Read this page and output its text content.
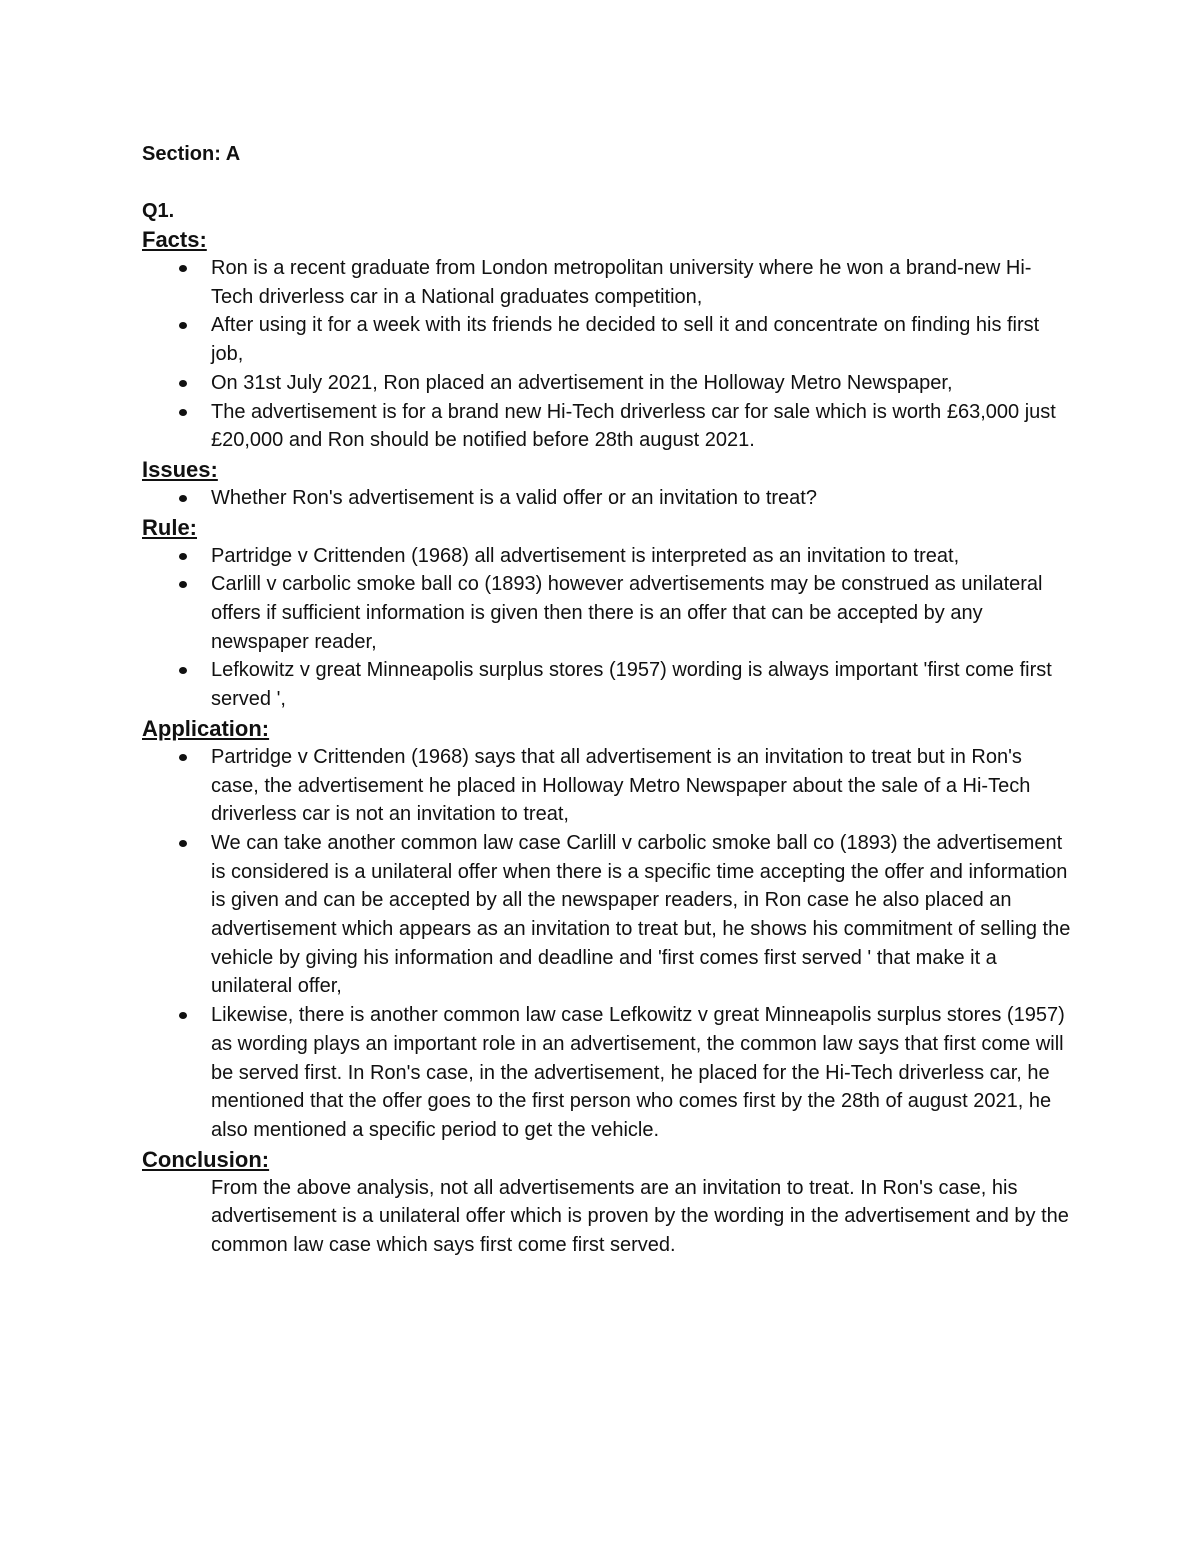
Section: A

Q1.

Facts:

Ron is a recent graduate from London metropolitan university where he won a brand-new Hi-Tech driverless car in a National graduates competition,
After using it for a week with its friends he decided to sell it and concentrate on finding his first job,
On 31st July 2021, Ron placed an advertisement in the Holloway Metro Newspaper,
The advertisement is for a brand new Hi-Tech driverless car for sale which is worth £63,000 just £20,000 and Ron should be notified before 28th august 2021.

Issues:

Whether Ron's advertisement is a valid offer or an invitation to treat?

Rule:

Partridge v Crittenden (1968) all advertisement is interpreted as an invitation to treat,
Carlill v carbolic smoke ball co (1893) however advertisements may be construed as unilateral offers if sufficient information is given then there is an offer that can be accepted by any newspaper reader,
Lefkowitz v great Minneapolis surplus stores (1957) wording is always important 'first come first served ',

Application:

Partridge v Crittenden (1968) says that all advertisement is an invitation to treat but in Ron's case, the advertisement he placed in Holloway Metro Newspaper about the sale of a Hi-Tech driverless car is not an invitation to treat,
We can take another common law case Carlill v carbolic smoke ball co (1893) the advertisement is considered is a unilateral offer when there is a specific time accepting the offer and information is given and can be accepted by all the newspaper readers, in Ron case he also placed an advertisement which appears as an invitation to treat but, he shows his commitment of selling the vehicle by giving his information and deadline and 'first comes first served ' that make it a unilateral offer,
Likewise, there is another common law case Lefkowitz v great Minneapolis surplus stores (1957) as wording plays an important role in an advertisement, the common law says that first come will be served first. In Ron's case, in the advertisement, he placed for the Hi-Tech driverless car, he mentioned that the offer goes to the first person who comes first by the 28th of august 2021, he also mentioned a specific period to get the vehicle.

Conclusion:

From the above analysis, not all advertisements are an invitation to treat. In Ron's case, his advertisement is a unilateral offer which is proven by the wording in the advertisement and by the common law case which says first come first served.
